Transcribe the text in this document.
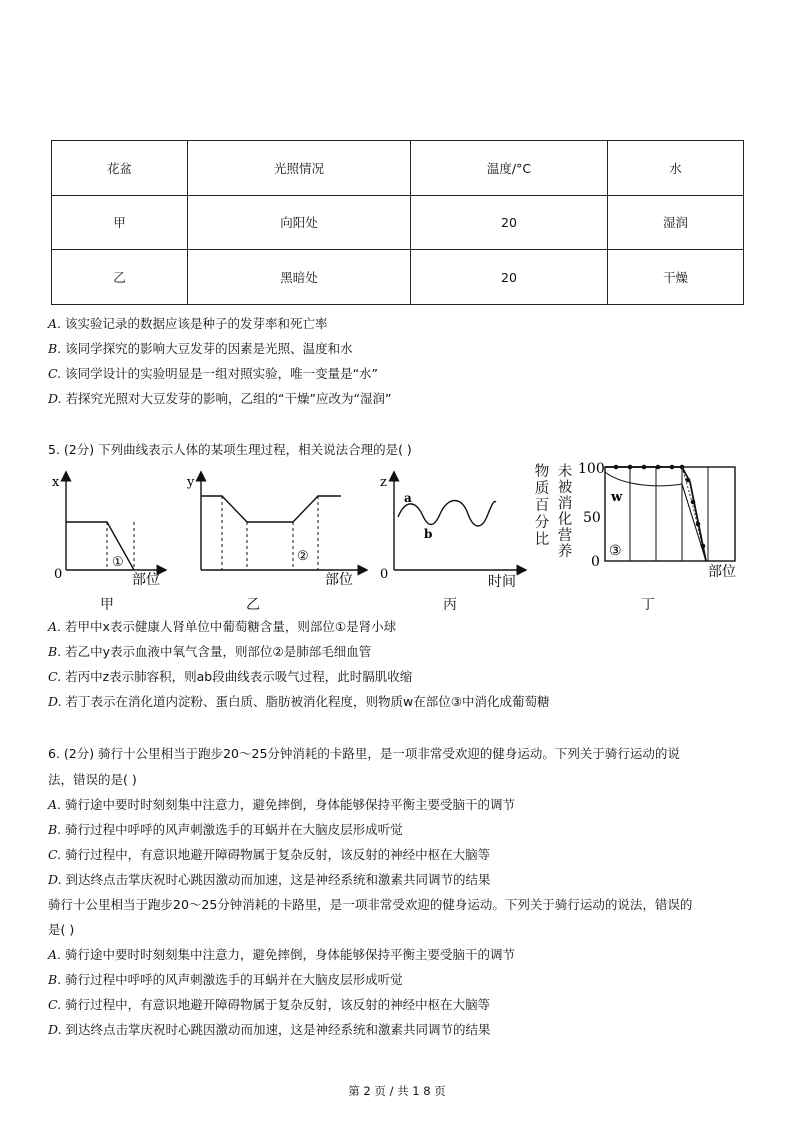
花盆	光照情况	温度/°C	水
甲	向阳处	20	湿润
乙	黑暗处	20	干燥
A. 该实验记录的数据应该是种子的发芽率和死亡率
B. 该同学探究的影响大豆发芽的因素是光照、温度和水
C. 该同学设计的实验明显是一组对照实验，唯一变量是“水”
D. 若探究光照对大豆发芽的影响，乙组的“干燥”应改为“湿润”
5. (2分) 下列曲线表示人体的某项生理过程，相关说法合理的是( )
x
0
①
部位
甲
y
②
部位
乙
z
0
a
b
时间
丙
未被消化营养
物质百分比
100
50
0
w
③
部位
丁
A. 若甲中x表示健康人肾单位中葡萄糖含量，则部位①是肾小球
B. 若乙中y表示血液中氧气含量，则部位②是肺部毛细血管
C. 若丙中z表示肺容积，则ab段曲线表示吸气过程，此时膈肌收缩
D. 若丁表示在消化道内淀粉、蛋白质、脂肪被消化程度，则物质w在部位③中消化成葡萄糖
6. (2分) 骑行十公里相当于跑步20～25分钟消耗的卡路里，是一项非常受欢迎的健身运动。下列关于骑行运动的说
法，错误的是( )
A. 骑行途中要时时刻刻集中注意力，避免摔倒，身体能够保持平衡主要受脑干的调节
B. 骑行过程中呼呼的风声刺激选手的耳蜗并在大脑皮层形成听觉
C. 骑行过程中，有意识地避开障碍物属于复杂反射，该反射的神经中枢在大脑等
D. 到达终点击掌庆祝时心跳因激动而加速，这是神经系统和激素共同调节的结果
骑行十公里相当于跑步20～25分钟消耗的卡路里，是一项非常受欢迎的健身运动。下列关于骑行运动的说法，错误的
是( )
A. 骑行途中要时时刻刻集中注意力，避免摔倒，身体能够保持平衡主要受脑干的调节
B. 骑行过程中呼呼的风声刺激选手的耳蜗并在大脑皮层形成听觉
C. 骑行过程中，有意识地避开障碍物属于复杂反射，该反射的神经中枢在大脑等
D. 到达终点击掌庆祝时心跳因激动而加速，这是神经系统和激素共同调节的结果
第 2 页 / 共 1 8 页
